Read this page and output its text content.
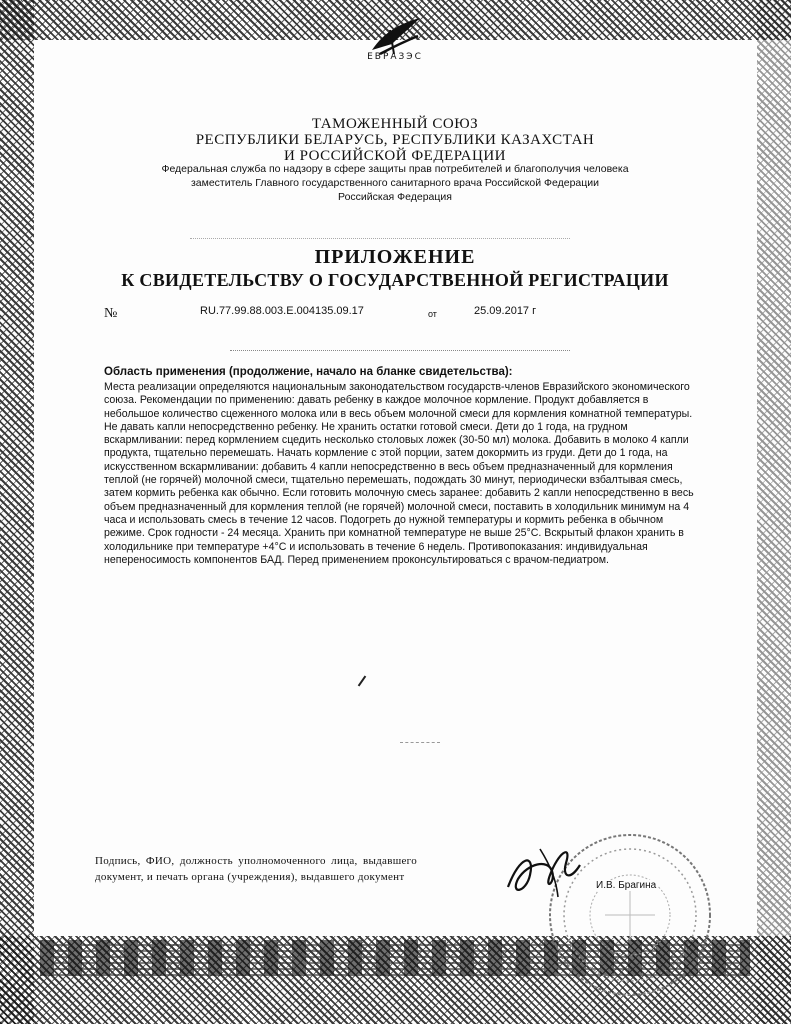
ЕВРАЗЭС
ТАМОЖЕННЫЙ СОЮЗ
РЕСПУБЛИКИ БЕЛАРУСЬ, РЕСПУБЛИКИ КАЗАХСТАН
И РОССИЙСКОЙ ФЕДЕРАЦИИ
Федеральная служба по надзору в сфере защиты прав потребителей и благополучия человека
заместитель Главного государственного санитарного врача Российской Федерации
Российская Федерация
ПРИЛОЖЕНИЕ
К СВИДЕТЕЛЬСТВУ О ГОСУДАРСТВЕННОЙ РЕГИСТРАЦИИ
№	RU.77.99.88.003.E.004135.09.17	от	25.09.2017 г
Область применения (продолжение, начало на бланке свидетельства):
Места реализации определяются национальным законодательством государств-членов Евразийского экономического союза. Рекомендации по применению: давать ребенку в каждое молочное кормление. Продукт добавляется в небольшое количество сцеженного молока или в весь объем молочной смеси для кормления комнатной температуры. Не давать капли непосредственно ребенку. Не хранить остатки готовой смеси. Дети до 1 года, на грудном вскармливании: перед кормлением сцедить несколько столовых ложек (30-50 мл) молока. Добавить в молоко 4 капли продукта, тщательно перемешать. Начать кормление с этой порции, затем докормить из груди. Дети до 1 года, на искусственном вскармливании: добавить 4 капли непосредственно в весь объем предназначенный для кормления теплой (не горячей) молочной смеси, тщательно перемешать, подождать 30 минут, периодически взбалтывая смесь, затем кормить ребенка как обычно. Если готовить молочную смесь заранее: добавить 2 капли непосредственно в весь объем предназначенный для кормления теплой (не горячей) молочной смеси, поставить в холодильник минимум на 4 часа и использовать смесь в течение 12 часов. Подогреть до нужной температуры и кормить ребенка в обычном режиме. Срок годности - 24 месяца. Хранить при комнатной температуре не выше 25°С. Вскрытый флакон хранить в холодильнике при температуре +4°С и использовать в течение 6 недель. Противопоказания: индивидуальная непереносимость компонентов БАД. Перед применением проконсультироваться с врачом-педиатром.
Подпись, ФИО, должность уполномоченного лица, выдавшего документ, и печать органа (учреждения), выдавшего документ
И.В. Брагина
